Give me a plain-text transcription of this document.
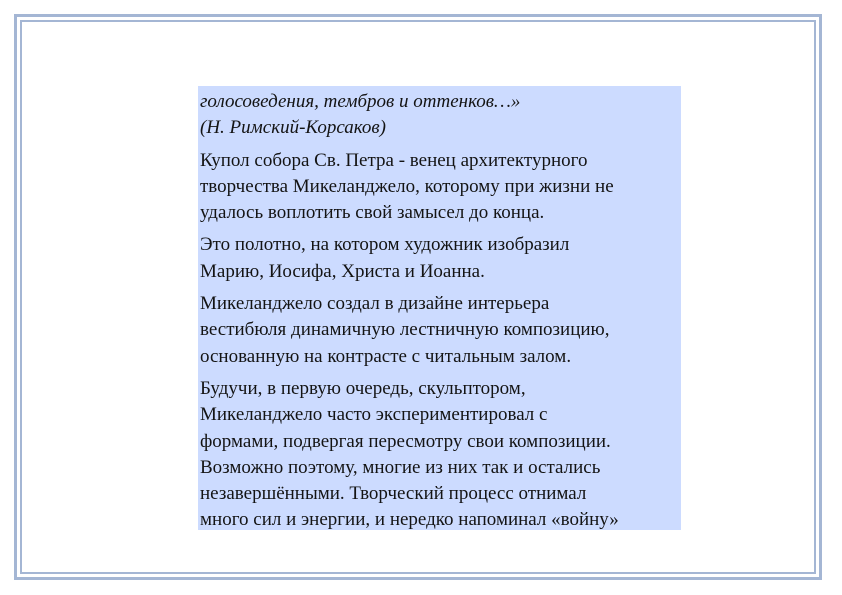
голосоведения, тембров и оттенков…»
(Н. Римский-Корсаков)
Купол собора Св. Петра - венец архитектурного
творчества Микеланджело, которому при жизни не
удалось воплотить свой замысел до конца.
Это полотно, на котором художник изобразил
Марию, Иосифа, Христа и Иоанна.
Микеланджело создал в дизайне интерьера
вестибюля динамичную лестничную композицию,
основанную на контрасте с читальным залом.
Будучи, в первую очередь, скульптором,
Микеланджело часто экспериментировал с
формами, подвергая пересмотру свои композиции.
Возможно поэтому, многие из них так и остались
незавершёнными. Творческий процесс отнимал
много сил и энергии, и нередко напоминал «войну»
